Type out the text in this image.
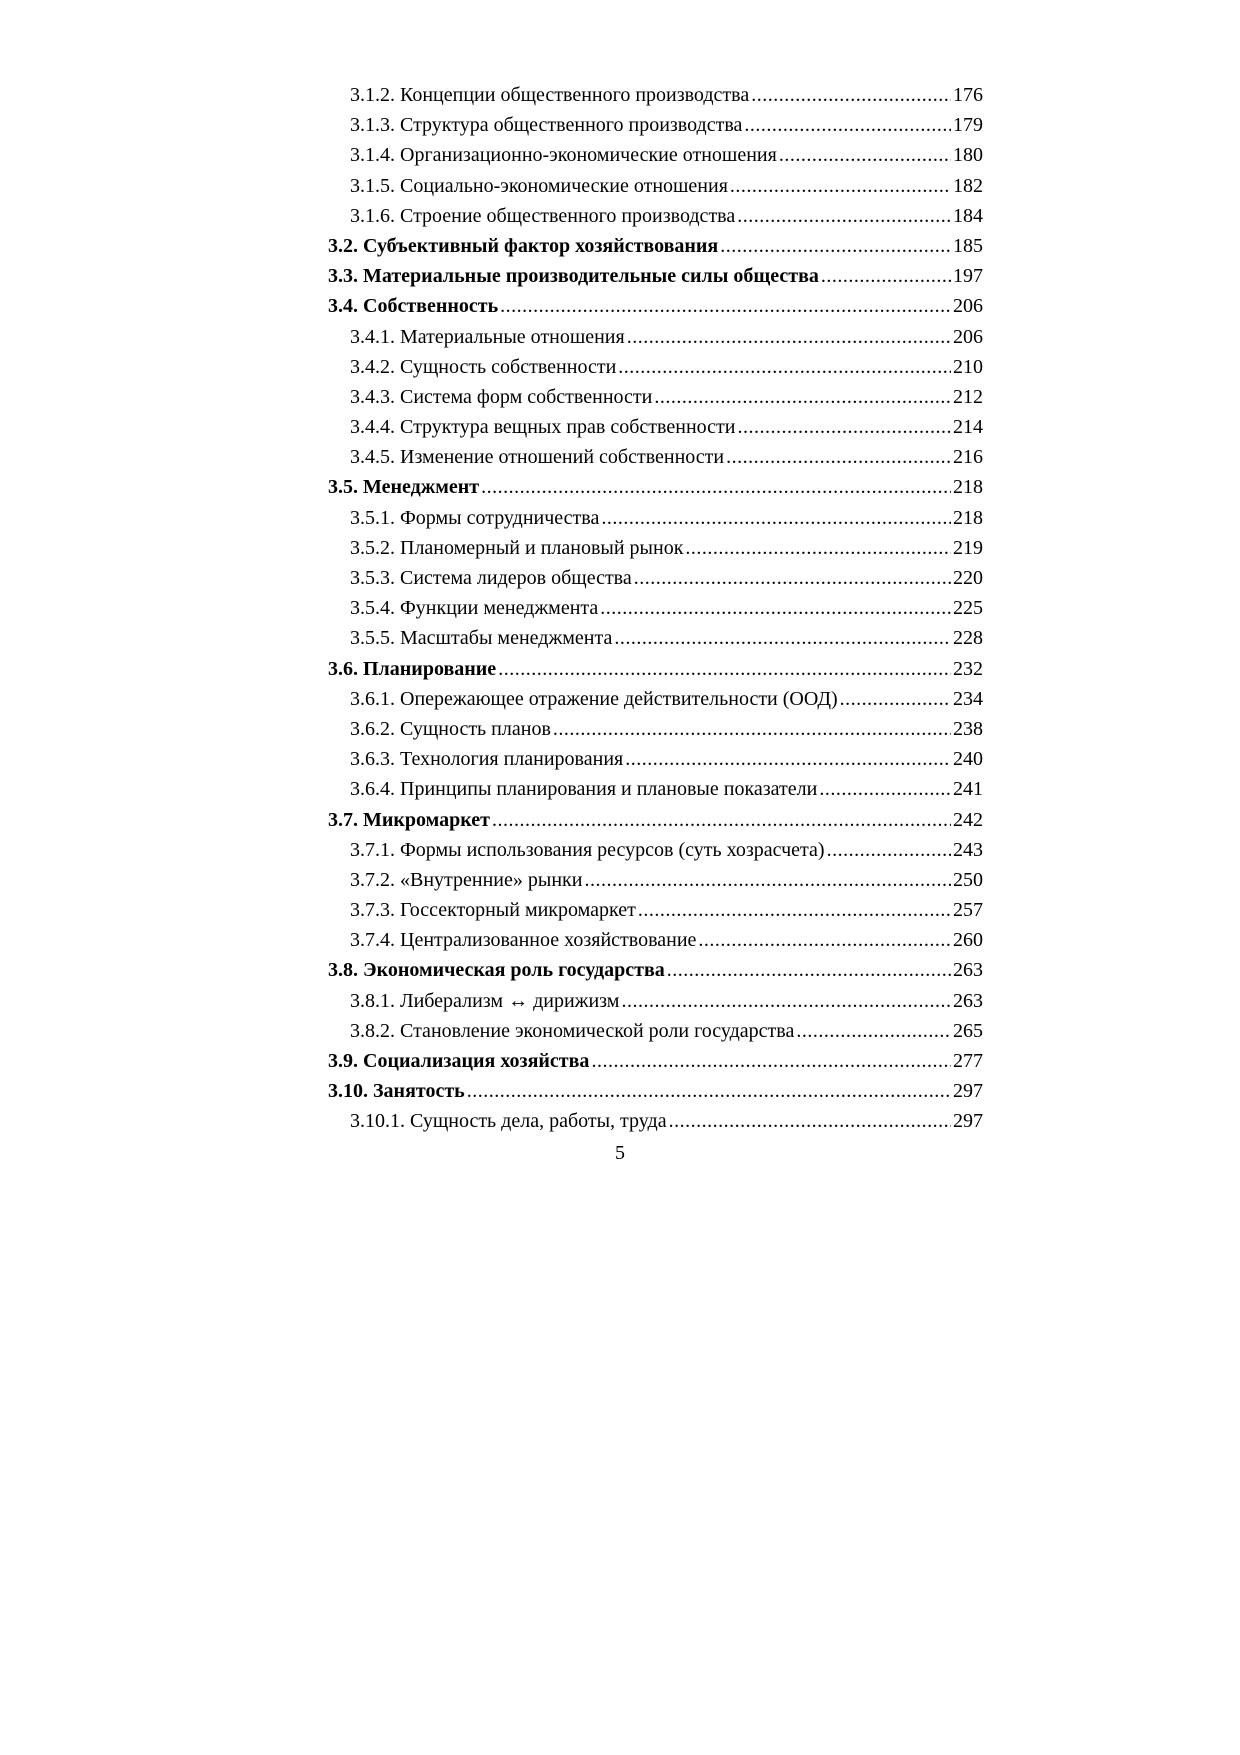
3.1.2. Концепции общественного производства .....	176
3.1.3. Структура общественного производства .....	179
3.1.4. Организационно-экономические отношения .....	180
3.1.5. Социально-экономические отношения .....	182
3.1.6. Строение общественного производства .....	184
3.2. Субъективный фактор хозяйствования .....	185
3.3. Материальные производительные силы общества .....	197
3.4. Собственность .....	206
3.4.1. Материальные отношения .....	206
3.4.2. Сущность собственности .....	210
3.4.3. Система форм собственности .....	212
3.4.4. Структура вещных прав собственности .....	214
3.4.5. Изменение отношений собственности .....	216
3.5. Менеджмент .....	218
3.5.1. Формы сотрудничества .....	218
3.5.2. Планомерный и плановый рынок .....	219
3.5.3. Система лидеров общества .....	220
3.5.4. Функции менеджмента .....	225
3.5.5. Масштабы менеджмента .....	228
3.6. Планирование .....	232
3.6.1. Опережающее отражение действительности (ООД) .....	234
3.6.2. Сущность планов .....	238
3.6.3. Технология планирования .....	240
3.6.4. Принципы планирования и плановые показатели .....	241
3.7. Микромаркет .....	242
3.7.1. Формы использования ресурсов (суть хозрасчета) .....	243
3.7.2. «Внутренние» рынки .....	250
3.7.3. Госсекторный микромаркет .....	257
3.7.4. Централизованное хозяйствование .....	260
3.8. Экономическая роль государства .....	263
3.8.1. Либерализм ↔ дирижизм .....	263
3.8.2. Становление экономической роли государства .....	265
3.9. Социализация хозяйства .....	277
3.10. Занятость .....	297
3.10.1. Сущность дела, работы, труда .....	297
5
